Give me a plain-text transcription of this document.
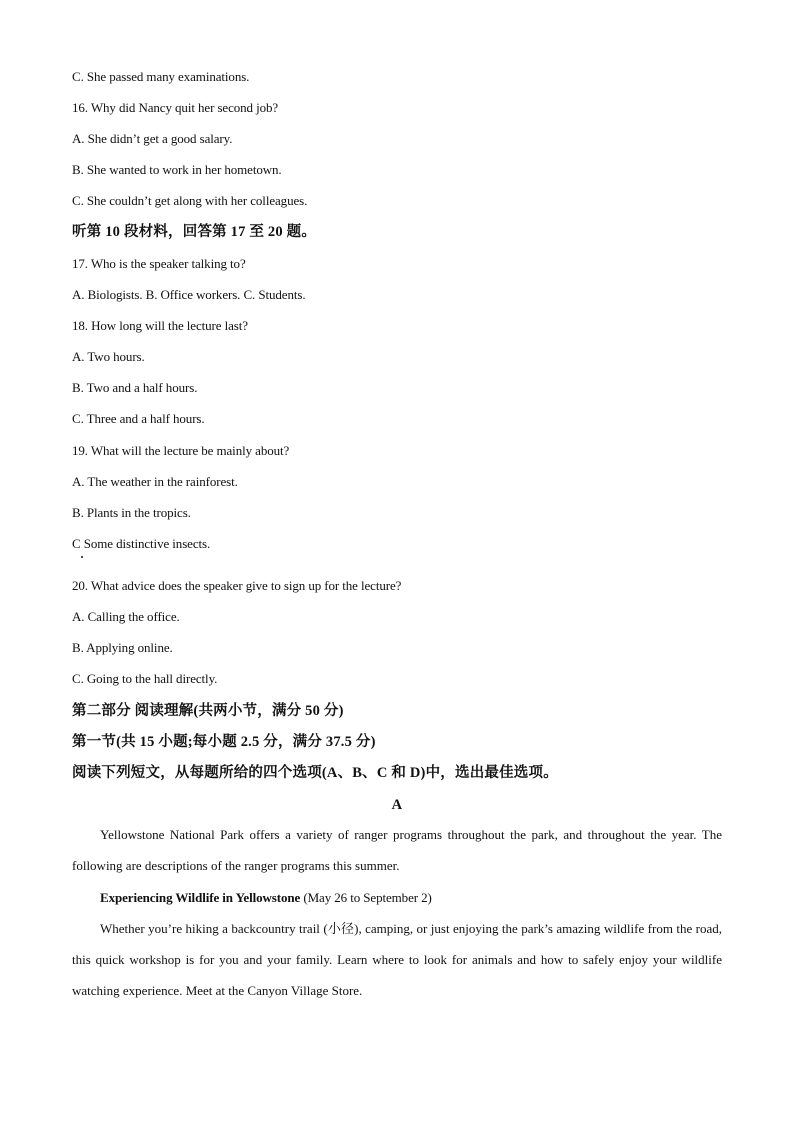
C. She passed many examinations.
16. Why did Nancy quit her second job?
A. She didn’t get a good salary.
B. She wanted to work in her hometown.
C. She couldn’t get along with her colleagues.
听第 10 段材料，回答第 17 至 20 题。
17. Who is the speaker talking to?
A. Biologists. B. Office workers. C. Students.
18. How long will the lecture last?
A. Two hours.
B. Two and a half hours.
C. Three and a half hours.
19. What will the lecture be mainly about?
A. The weather in the rainforest.
B. Plants in the tropics.
C Some distinctive insects.
20. What advice does the speaker give to sign up for the lecture?
A. Calling the office.
B. Applying online.
C. Going to the hall directly.
第二部分 阅读理解(共两小节，满分 50 分)
第一节(共 15 小题;每小题 2.5 分，满分 37.5 分)
阅读下列短文，从每题所给的四个选项(A、B、C 和 D)中，选出最佳选项。
A
Yellowstone National Park offers a variety of ranger programs throughout the park, and throughout the year. The following are descriptions of the ranger programs this summer.
Experiencing Wildlife in Yellowstone (May 26 to September 2)
Whether you’re hiking a backcountry trail (小径), camping, or just enjoying the park’s amazing wildlife from the road, this quick workshop is for you and your family. Learn where to look for animals and how to safely enjoy your wildlife watching experience. Meet at the Canyon Village Store.
